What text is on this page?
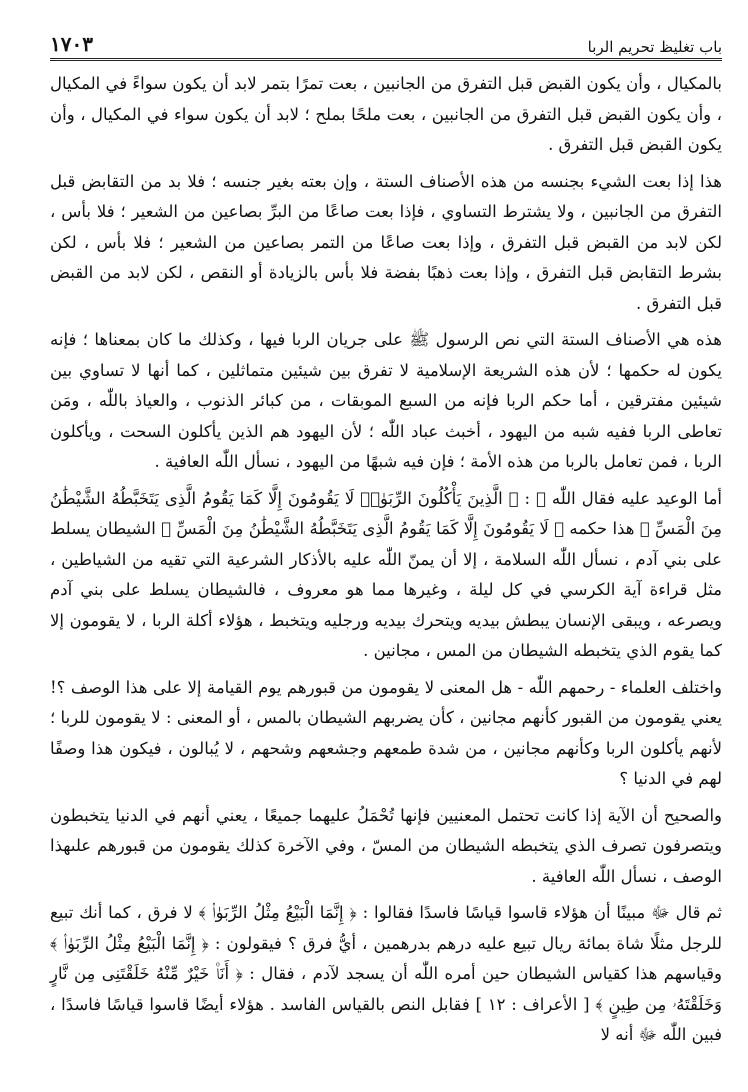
باب تغليظ تحريم الربا
١٧٠٣

بالمكيال ، وأن يكون القبض قبل التفرق من الجانبين ، بعت تمرًا بتمر لابد أن يكون سواءً في المكيال ، وأن يكون القبض قبل التفرق من الجانبين ، بعت ملحًا بملح ؛ لابد أن يكون سواء في المكيال ، وأن يكون القبض قبل التفرق .

هذا إذا بعت الشيء بجنسه من هذه الأصناف الستة ، وإن بعته بغير جنسه ؛ فلا بد من التقابض قبل التفرق من الجانبين ، ولا يشترط التساوي ، فإذا بعت صاعًا من البرِّ بصاعين من الشعير ؛ فلا بأس ، لكن لابد من القبض قبل التفرق ، وإذا بعت صاعًا من التمر بصاعين من الشعير ؛ فلا بأس ، لكن بشرط التقابض قبل التفرق ، وإذا بعت ذهبًا بفضة فلا بأس بالزيادة أو النقص ، لكن لابد من القبض قبل التفرق .

هذه هي الأصناف الستة التي نص الرسول ﷺ على جريان الربا فيها ، وكذلك ما كان بمعناها ؛ فإنه يكون له حكمها ؛ لأن هذه الشريعة الإسلامية لا تفرق بين شيئين متماثلين ، كما أنها لا تساوي بين شيئين مفترقين ، أما حكم الربا فإنه من السبع الموبقات ، من كبائر الذنوب ، والعياذ باللّٰه ، ومَن تعاطى الربا ففيه شبه من اليهود ، أخبث عباد اللّٰه ؛ لأن اليهود هم الذين يأكلون السحت ، ويأكلون الربا ، فمن تعامل بالربا من هذه الأمة ؛ فإن فيه شبهًا من اليهود ، نسأل اللّٰه العافية .

أما الوعيد عليه فقال اللّٰه ﷻ : ﴿ الَّذِينَ يَأْكُلُونَ الرِّبَوٰا۟ لَا يَقُومُونَ إِلَّا كَمَا يَقُومُ الَّذِى يَتَخَبَّطُهُ الشَّيْطَٰنُ مِنَ الْمَسِّ ﴾ هذا حكمه ﴿ لَا يَقُومُونَ إِلَّا كَمَا يَقُومُ الَّذِى يَتَخَبَّطُهُ الشَّيْطَٰنُ مِنَ الْمَسِّ ﴾ الشيطان يسلط على بني آدم ، نسأل اللّٰه السلامة ، إلا أن يمنّ اللّٰه عليه بالأذكار الشرعية التي تقيه من الشياطين ، مثل قراءة آية الكرسي في كل ليلة ، وغيرها مما هو معروف ، فالشيطان يسلط على بني آدم ويصرعه ، ويبقى الإنسان يبطش بيديه ويتحرك بيديه ورجليه ويتخبط ، هؤلاء أكلة الربا ، لا يقومون إلا كما يقوم الذي يتخبطه الشيطان من المس ، مجانين .

واختلف العلماء - رحمهم اللّٰه - هل المعنى لا يقومون من قبورهم يوم القيامة إلا على هذا الوصف ؟! يعني يقومون من القبور كأنهم مجانين ، كأن يضربهم الشيطان بالمس ، أو المعنى : لا يقومون للربا ؛ لأنهم يأكلون الربا وكأنهم مجانين ، من شدة طمعهم وجشعهم وشحهم ، لا يُبالون ، فيكون هذا وصفًا لهم في الدنيا ؟

والصحيح أن الآية إذا كانت تحتمل المعنيين فإنها تُحْمَلُ عليهما جميعًا ، يعني أنهم في الدنيا يتخبطون ويتصرفون تصرف الذي يتخبطه الشيطان من المسّ ، وفي الآخرة كذلك يقومون من قبورهم علىهذا الوصف ، نسأل اللّٰه العافية .

ثم قال ﷻ مبينًا أن هؤلاء قاسوا قياسًا فاسدًا فقالوا : ﴿ إِنَّمَا الْبَيْعُ مِثْلُ الرِّبَوٰا۟ ﴾ لا فرق ، كما أنك تبيع للرجل مثلًا شاة بمائة ريال تبيع عليه درهم بدرهمين ، أيُّ فرق ؟ فيقولون : ﴿ إِنَّمَا الْبَيْعُ مِثْلُ الرِّبَوٰا۟ ﴾ وقياسهم هذا كقياس الشيطان حين أمره اللّٰه أن يسجد لآدم ، فقال : ﴿ أَنَا۠ خَيْرٌ مِّنْهُ خَلَقْتَنِى مِن نَّارٍ وَخَلَقْتَهُۥ مِن طِينٍ ﴾ [ الأعراف : ١٢ ] فقابل النص بالقياس الفاسد . هؤلاء أيضًا قاسوا قياسًا فاسدًا ، فبين اللّٰه ﷻ أنه لا
